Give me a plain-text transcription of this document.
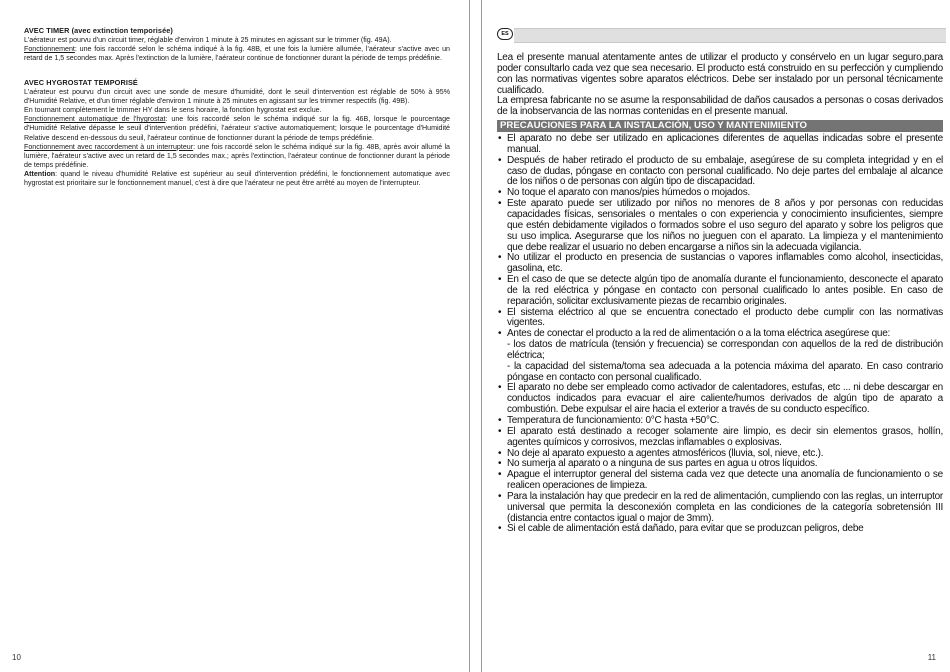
AVEC TIMER (avec extinction temporisée)

L'aérateur est pourvu d'un circuit timer, réglable d'environ 1 minute à 25 minutes en agissant sur le trimmer (fig. 49A).

Fonctionnement: une fois raccordé selon le schéma indiqué à la fig. 48B, et une fois la lumière allumée, l'aérateur s'active avec un retard de 1,5 secondes max. Après l'extinction de la lumière, l'aérateur continue de fonctionner durant la période de temps prédéfinie.

AVEC HYGROSTAT TEMPORISÉ

L'aérateur est pourvu d'un circuit avec une sonde de mesure d'humidité, dont le seuil d'intervention est réglable de 50% à 95% d'Humidité Relative, et d'un timer réglable d'environ 1 minute à 25 minutes en agissant sur les trimmer respectifs (fig. 49B).

En tournant complètement le trimmer HY dans le sens horaire, la fonction hygrostat est exclue.

Fonctionnement automatique de l'hygrostat: une fois raccordé selon le schéma indiqué sur la fig. 46B, lorsque le pourcentage d'Humidité Relative dépasse le seuil d'intervention prédéfini, l'aérateur s'active automatiquement; lorsque le pourcentage d'Humidité Relative descend en-dessous du seuil, l'aérateur continue de fonctionner durant la période de temps prédéfinie.

Fonctionnement avec raccordement à un interrupteur: une fois raccordé selon le schéma indiqué sur la fig. 48B, après avoir allumé la lumière, l'aérateur s'active avec un retard de 1,5 secondes max.; après l'extinction, l'aérateur continue de fonctionner durant la période de temps prédéfinie.

Attention: quand le niveau d'humidité Relative est supérieur au seuil d'intervention prédéfini, le fonctionnement automatique avec hygrostat est prioritaire sur le fonctionnement manuel, c'est à dire que l'aérateur ne peut être arrêté au moyen de l'interrupteur.

10
ES

Lea el presente manual atentamente antes de utilizar el producto y consérvelo en un lugar seguro,para poder consultarlo cada vez que sea necesario. El producto está construido en su perfección y cumpliendo con las normativas vigentes sobre aparatos eléctricos. Debe ser instalado por un personal técnicamente cualificado.

La empresa fabricante no se asume la responsabilidad de daños causados a personas o cosas derivados de la inobservancia de las normas contenidas en el presente manual.

PRECAUCIONES PARA LA INSTALACIÓN, USO Y MANTENIMIENTO
• El aparato no debe ser utilizado en aplicaciones diferentes de aquellas indicadas sobre el presente manual.
• Después de haber retirado el producto de su embalaje, asegúrese de su completa integridad y en el caso de dudas, póngase en contacto con personal cualificado. No deje partes del embalaje al alcance de los niños o de personas con algún tipo de discapacidad.
• No toque el aparato con manos/pies húmedos o mojados.
• Este aparato puede ser utilizado por niños no menores de 8 años y por personas con reducidas capacidades físicas, sensoriales o mentales o con experiencia y conocimiento insuficientes, siempre que estén debidamente vigilados o formados sobre el uso seguro del aparato y sobre los peligros que su uso implica. Asegurarse que los niños no jueguen con el aparato. La limpieza y el mantenimiento que debe realizar el usuario no deben encargarse a niños sin la adecuada vigilancia.
• No utilizar el producto en presencia de sustancias o vapores inflamables como alcohol, insecticidas, gasolina, etc.
• En el caso de que se detecte algún tipo de anomalía durante el funcionamiento, desconecte el aparato de la red eléctrica y póngase en contacto con personal cualificado lo antes posible. En caso de reparación, solicitar exclusivamente piezas de recambio originales.
• El sistema eléctrico al que se encuentra conectado el producto debe cumplir con las normativas vigentes.
• Antes de conectar el producto a la red de alimentación o a la toma eléctrica asegúrese que:
- los datos de matrícula (tensión y frecuencia) se correspondan con aquellos de la red de distribución eléctrica;
- la capacidad del sistema/toma sea adecuada a la potencia máxima del aparato. En caso contrario póngase en contacto con personal cualificado.
• El aparato no debe ser empleado como activador de calentadores, estufas, etc ... ni debe descargar en conductos indicados para evacuar el aire caliente/humos derivados de algún tipo de aparato a combustión. Debe expulsar el aire hacia el exterior a través de su conducto específico.
• Temperatura de funcionamiento: 0°C hasta +50°C.
• El aparato está destinado a recoger solamente aire limpio, es decir sin elementos grasos, hollín, agentes químicos y corrosivos, mezclas inflamables o explosivas.
• No deje al aparato expuesto a agentes atmosféricos (lluvia, sol, nieve, etc.).
• No sumerja al aparato o a ninguna de sus partes en agua u otros líquidos.
• Apague el interruptor general del sistema cada vez que detecte una anomalía de funcionamiento o se realicen operaciones de limpieza.
• Para la instalación hay que predecir en la red de alimentación, cumpliendo con las reglas, un interruptor universal que permita la desconexión completa en las condiciones de la categoría sobretensión III (distancia entre contactos igual o major de 3mm).
• Si el cable de alimentación está dañado, para evitar que se produzcan peligros, debe
11
